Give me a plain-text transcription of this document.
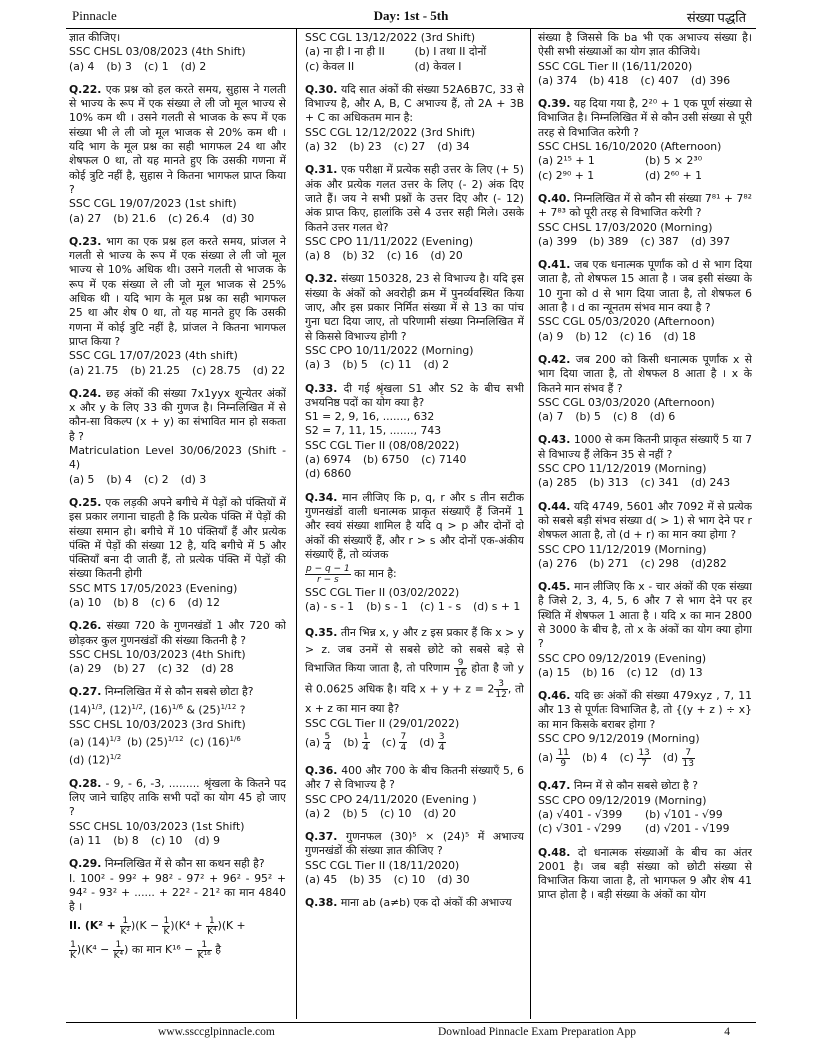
Pinnacle	Day: 1st - 5th	संख्या पद्धति

ज्ञात कीजिए।

SSC CHSL 03/08/2023 (4th Shift)

(a) 4 (b) 3 (c) 1 (d) 2

Q.22. एक प्रश्न को हल करते समय, सुहास ने गलती से भाज्य के रूप में एक संख्या ले ली जो मूल भाज्य से 10% कम थी । उसने गलती से भाजक के रूप में एक संख्या भी ले ली जो मूल भाजक से 20% कम थी । यदि भाग के मूल प्रश्न का सही भागफल 24 था और शेषफल 0 था, तो यह मानते हुए कि उसकी गणना में कोई त्रुटि नहीं है, सुहास ने कितना भागफल प्राप्त किया ?

SSC CGL 19/07/2023 (1st shift)

(a) 27 (b) 21.6 (c) 26.4 (d) 30

Q.23. भाग का एक प्रश्न हल करते समय, प्रांजल ने गलती से भाज्य के रूप में एक संख्या ले ली जो मूल भाज्य से 10% अधिक थी। उसने गलती से भाजक के रूप में एक संख्या ले ली जो मूल भाजक से 25% अधिक थी । यदि भाग के मूल प्रश्न का सही भागफल 25 था और शेष 0 था, तो यह मानते हुए कि उसकी गणना में कोई त्रुटि नहीं है, प्रांजल ने कितना भागफल प्राप्त किया ?

SSC CGL 17/07/2023 (4th shift)

(a) 21.75 (b) 21.25 (c) 28.75 (d) 22

Q.24. छह अंकों की संख्या 7x1yyx शून्येतर अंकों x और y के लिए 33 की गुणज है। निम्नलिखित में से कौन-सा विकल्प (x + y) का संभावित मान हो सकता है ?

Matriculation Level 30/06/2023 (Shift - 4)

(a) 5 (b) 4 (c) 2 (d) 3

Q.25. एक लड़की अपने बगीचे में पेड़ों को पंक्तियों में इस प्रकार लगाना चाहती है कि प्रत्येक पंक्ति में पेड़ों की संख्या समान हो। बगीचे में 10 पंक्तियाँ हैं और प्रत्येक पंक्ति में पेड़ों की संख्या 12 है, यदि बगीचे में 5 और पंक्तियाँ बना दी जाती हैं, तो प्रत्येक पंक्ति में पेड़ों की संख्या कितनी होगी

SSC MTS 17/05/2023 (Evening)

(a) 10 (b) 8 (c) 6 (d) 12

Q.26. संख्या 720 के गुणनखंडों 1 और 720 को छोड़कर कुल गुणनखंडों की संख्या कितनी है ?

SSC CHSL 10/03/2023 (4th Shift)

(a) 29 (b) 27 (c) 32 (d) 28

Q.27. निम्नलिखित में से कौन सबसे छोटा है?

$(14)^{1/3}$, $(12)^{1/2}$, $(16)^{1/6}$ & $(25)^{1/12}$ ?

SSC CHSL 10/03/2023 (3rd Shift)

(a) $(14)^{1/3}$ (b) $(25)^{1/12}$ (c) $(16)^{1/6}$
(d) $(12)^{1/2}$

Q.28. - 9, - 6, -3, ......... श्रृंखला के कितने पद लिए जाने चाहिए ताकि सभी पदों का योग 45 हो जाए ?

SSC CHSL 10/03/2023 (1st Shift)

(a) 11 (b) 8 (c) 10 (d) 9

Q.29. निम्नलिखित में से कौन सा कथन सही है?

I. 100² - 99² + 98² - 97² + 96² - 95² + 94² - 93² + ...... + 22² - 21² का मान 4840 है ।

II. $(K^2 + \frac{1}{\text{K²}} )(K - \frac{1}{K} )(K^4 + \frac{1}{\text{K⁴}} )(K$ +

$\frac{1}{K} )(K^4 - \frac{1}{\text{K⁴}}$ ) का मान $K^{16} - \frac{1}{\text{K¹⁶}}$ है

SSC CGL 13/12/2022 (3rd Shift)

(a) ना ही I ना ही II	(b) I तथा II दोनों
(c) केवल II	(d) केवल I

Q.30. यदि सात अंकों की संख्या 52A6B7C, 33 से विभाज्य है, और A, B, C अभाज्य हैं, तो 2A + 3B + C का अधिकतम मान है:

SSC CGL 12/12/2022 (3rd Shift)

(a) 32 (b) 23 (c) 27 (d) 34

Q.31. एक परीक्षा में प्रत्येक सही उत्तर के लिए (+ 5) अंक और प्रत्येक गलत उत्तर के लिए (- 2) अंक दिए जाते हैं। जय ने सभी प्रश्नों के उत्तर दिए और (- 12) अंक प्राप्त किए, हालांकि उसे 4 उत्तर सही मिले। उसके कितने उत्तर गलत थे?

SSC CPO 11/11/2022 (Evening)

(a) 8 (b) 32 (c) 16 (d) 20

Q.32. संख्या 150328, 23 से विभाज्य है। यदि इस संख्या के अंकों को अवरोही क्रम में पुनर्व्यवस्थित किया जाए, और इस प्रकार निर्मित संख्या में से 13 का पांच गुना घटा दिया जाए, तो परिणामी संख्या निम्नलिखित में से किससे विभाज्य होगी ?

SSC CPO 10/11/2022 (Morning)

(a) 3 (b) 5 (c) 11 (d) 2

Q.33. दी गई श्रृंखला S1 और S2 के बीच सभी उभयनिष्ठ पदों का योग क्या है?

S1 = 2, 9, 16, ......., 632

S2 = 7, 11, 15, ......., 743

SSC CGL Tier II (08/08/2022)

(a) 6974 (b) 6750 (c) 7140
(d) 6860

Q.34. मान लीजिए कि p, q, r और s तीन सटीक गुणनखंडों वाली धनात्मक प्राकृत संख्याएँ हैं जिनमें 1 और स्वयं संख्या शामिल है यदि q > p और दोनों दो अंकों की संख्याएँ हैं, और r > s और दोनों एक-अंकीय संख्याएँ हैं, तो व्यंजक

$\frac{p - q - 1}{r - s}$ का मान है:

SSC CGL Tier II (03/02/2022)

(a) - s - 1 (b) s - 1 (c) 1 - s (d) s + 1

Q.35. तीन भिन्न x, y और z इस प्रकार हैं कि x > y > z. जब उनमें से सबसे छोटे को सबसे बड़े से विभाजित किया जाता है, तो परिणाम $\frac{9}{16}$ होता है जो y से 0.0625 अधिक है। यदि $x + y + z = 2 \frac{3}{12}$ , तो x + z का मान क्या है?

SSC CGL Tier II (29/01/2022)

$(a) \frac{5}{4} (b) \frac{1}{4} (c) \frac{7}{4} (d) \frac{3}{4}$

Q.36. 400 और 700 के बीच कितनी संख्याएँ 5, 6 और 7 से विभाज्य है ?

SSC CPO 24/11/2020 (Evening )

(a) 2 (b) 5 (c) 10 (d) 20

Q.37. गुणनफल (30)⁵ × (24)⁵ में अभाज्य गुणनखंडों की संख्या ज्ञात कीजिए ?

SSC CGL Tier II (18/11/2020)

(a) 45 (b) 35 (c) 10 (d) 30

Q.38. माना ab (a≠b) एक दो अंकों की अभाज्य

संख्या है जिससे कि ba भी एक अभाज्य संख्या है। ऐसी सभी संख्याओं का योग ज्ञात कीजिये।

SSC CGL Tier II (16/11/2020)

(a) 374 (b) 418 (c) 407 (d) 396

Q.39. यह दिया गया है, 2²⁰ + 1 एक पूर्ण संख्या से विभाजित है। निम्नलिखित में से कौन उसी संख्या से पूरी तरह से विभाजित करेगी ?

SSC CHSL 16/10/2020 (Afternoon)

(a) 2¹⁵ + 1	(b) 5 × 2³⁰
(c) 2⁹⁰ + 1	(d) 2⁶⁰ + 1

Q.40. निम्नलिखित में से कौन सी संख्या 7⁸¹ + 7⁸² + 7⁸³ को पूरी तरह से विभाजित करेगी ?

SSC CHSL 17/03/2020 (Morning)

(a) 399 (b) 389 (c) 387 (d) 397

Q.41. जब एक धनात्मक पूर्णांक को d से भाग दिया जाता है, तो शेषफल 15 आता है । जब इसी संख्या के 10 गुना को d से भाग दिया जाता है, तो शेषफल 6 आता है । d का न्यूनतम संभव मान क्या है ?

SSC CGL 05/03/2020 (Afternoon)

(a) 9 (b) 12 (c) 16 (d) 18

Q.42. जब 200 को किसी धनात्मक पूर्णांक x से भाग दिया जाता है, तो शेषफल 8 आता है । x के कितने मान संभव हैं ?

SSC CGL 03/03/2020 (Afternoon)

(a) 7 (b) 5 (c) 8 (d) 6

Q.43. 1000 से कम कितनी प्राकृत संख्याएँ 5 या 7 से विभाज्य हैं लेकिन 35 से नहीं ?

SSC CPO 11/12/2019 (Morning)

(a) 285 (b) 313 (c) 341 (d) 243

Q.44. यदि 4749, 5601 और 7092 में से प्रत्येक को सबसे बड़ी संभव संख्या d( > 1) से भाग देने पर r शेषफल आता है, तो (d + r) का मान क्या होगा ?

SSC CPO 11/12/2019 (Morning)

(a) 276 (b) 271 (c) 298 (d)282

Q.45. मान लीजिए कि x - चार अंकों की एक संख्या है जिसे 2, 3, 4, 5, 6 और 7 से भाग देने पर हर स्थिति में शेषफल 1 आता है । यदि x का मान 2800 से 3000 के बीच है, तो x के अंकों का योग क्या होगा ?

SSC CPO 09/12/2019 (Evening)

(a) 15 (b) 16 (c) 12 (d) 13

Q.46. यदि छः अंकों की संख्या 479xyz , 7, 11 और 13 से पूर्णतः विभाजित है, तो {(y + z ) ÷ x} का मान किसके बराबर होगा ?

SSC CPO 9/12/2019 (Morning)

$(a) \frac{11}{9} (b)$ 4 $(c) \frac{13}{7} (d) \frac{7}{13}$

Q.47. निम्न में से कौन सबसे छोटा है ?

SSC CPO 09/12/2019 (Morning)

(a) √401 - √399	(b) √101 - √99
(c) √301 - √299	(d) √201 - √199

Q.48. दो धनात्मक संख्याओं के बीच का अंतर 2001 है। जब बड़ी संख्या को छोटी संख्या से विभाजित किया जाता है, तो भागफल 9 और शेष 41 प्राप्त होता है । बड़ी संख्या के अंकों का योग

www.ssccglpinnacle.com	Download Pinnacle Exam Preparation App	4
